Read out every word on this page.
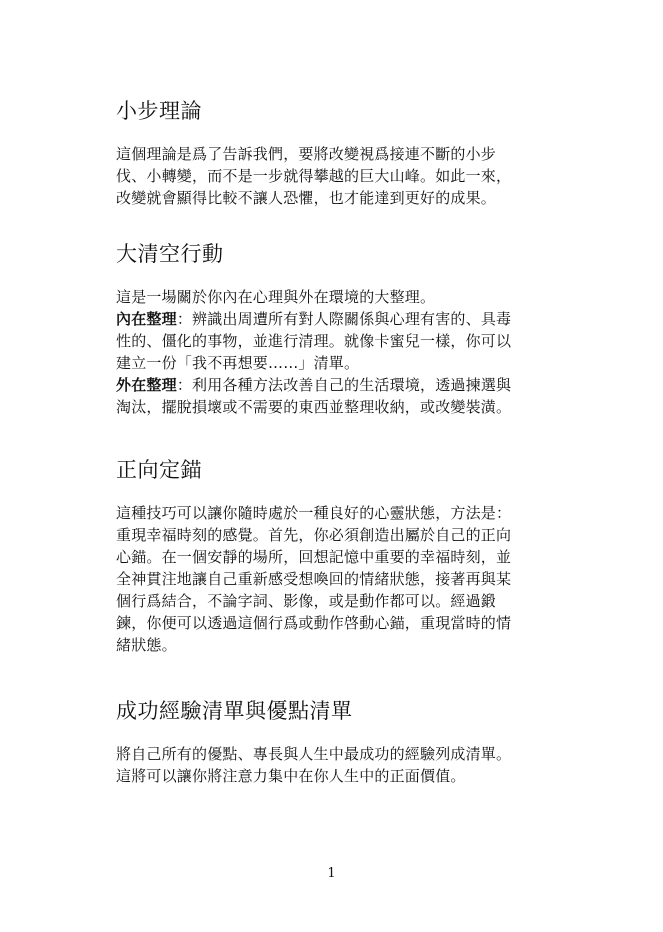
小步理論
這個理論是爲了告訴我們，要將改變視爲接連不斷的小步
伐、小轉變，而不是一步就得攀越的巨大山峰。如此一來，
改變就會顯得比較不讓人恐懼，也才能達到更好的成果。
大清空行動
這是一場關於你內在心理與外在環境的大整理。
內在整理：辨識出周遭所有對人際關係與心理有害的、具毒
性的、僵化的事物，並進行清理。就像卡蜜兒一樣，你可以
建立一份「我不再想要……」清單。
外在整理：利用各種方法改善自己的生活環境，透過揀選與
淘汰，擺脫損壞或不需要的東西並整理收納，或改變裝潢。
正向定錨
這種技巧可以讓你隨時處於一種良好的心靈狀態，方法是：
重現幸福時刻的感覺。首先，你必須創造出屬於自己的正向
心錨。在一個安靜的場所，回想記憶中重要的幸福時刻，並
全神貫注地讓自己重新感受想喚回的情緒狀態，接著再與某
個行爲結合，不論字詞、影像，或是動作都可以。經過鍛
鍊，你便可以透過這個行爲或動作啓動心錨，重現當時的情
緒狀態。
成功經驗清單與優點清單
將自己所有的優點、專長與人生中最成功的經驗列成清單。
這將可以讓你將注意力集中在你人生中的正面價值。
1
